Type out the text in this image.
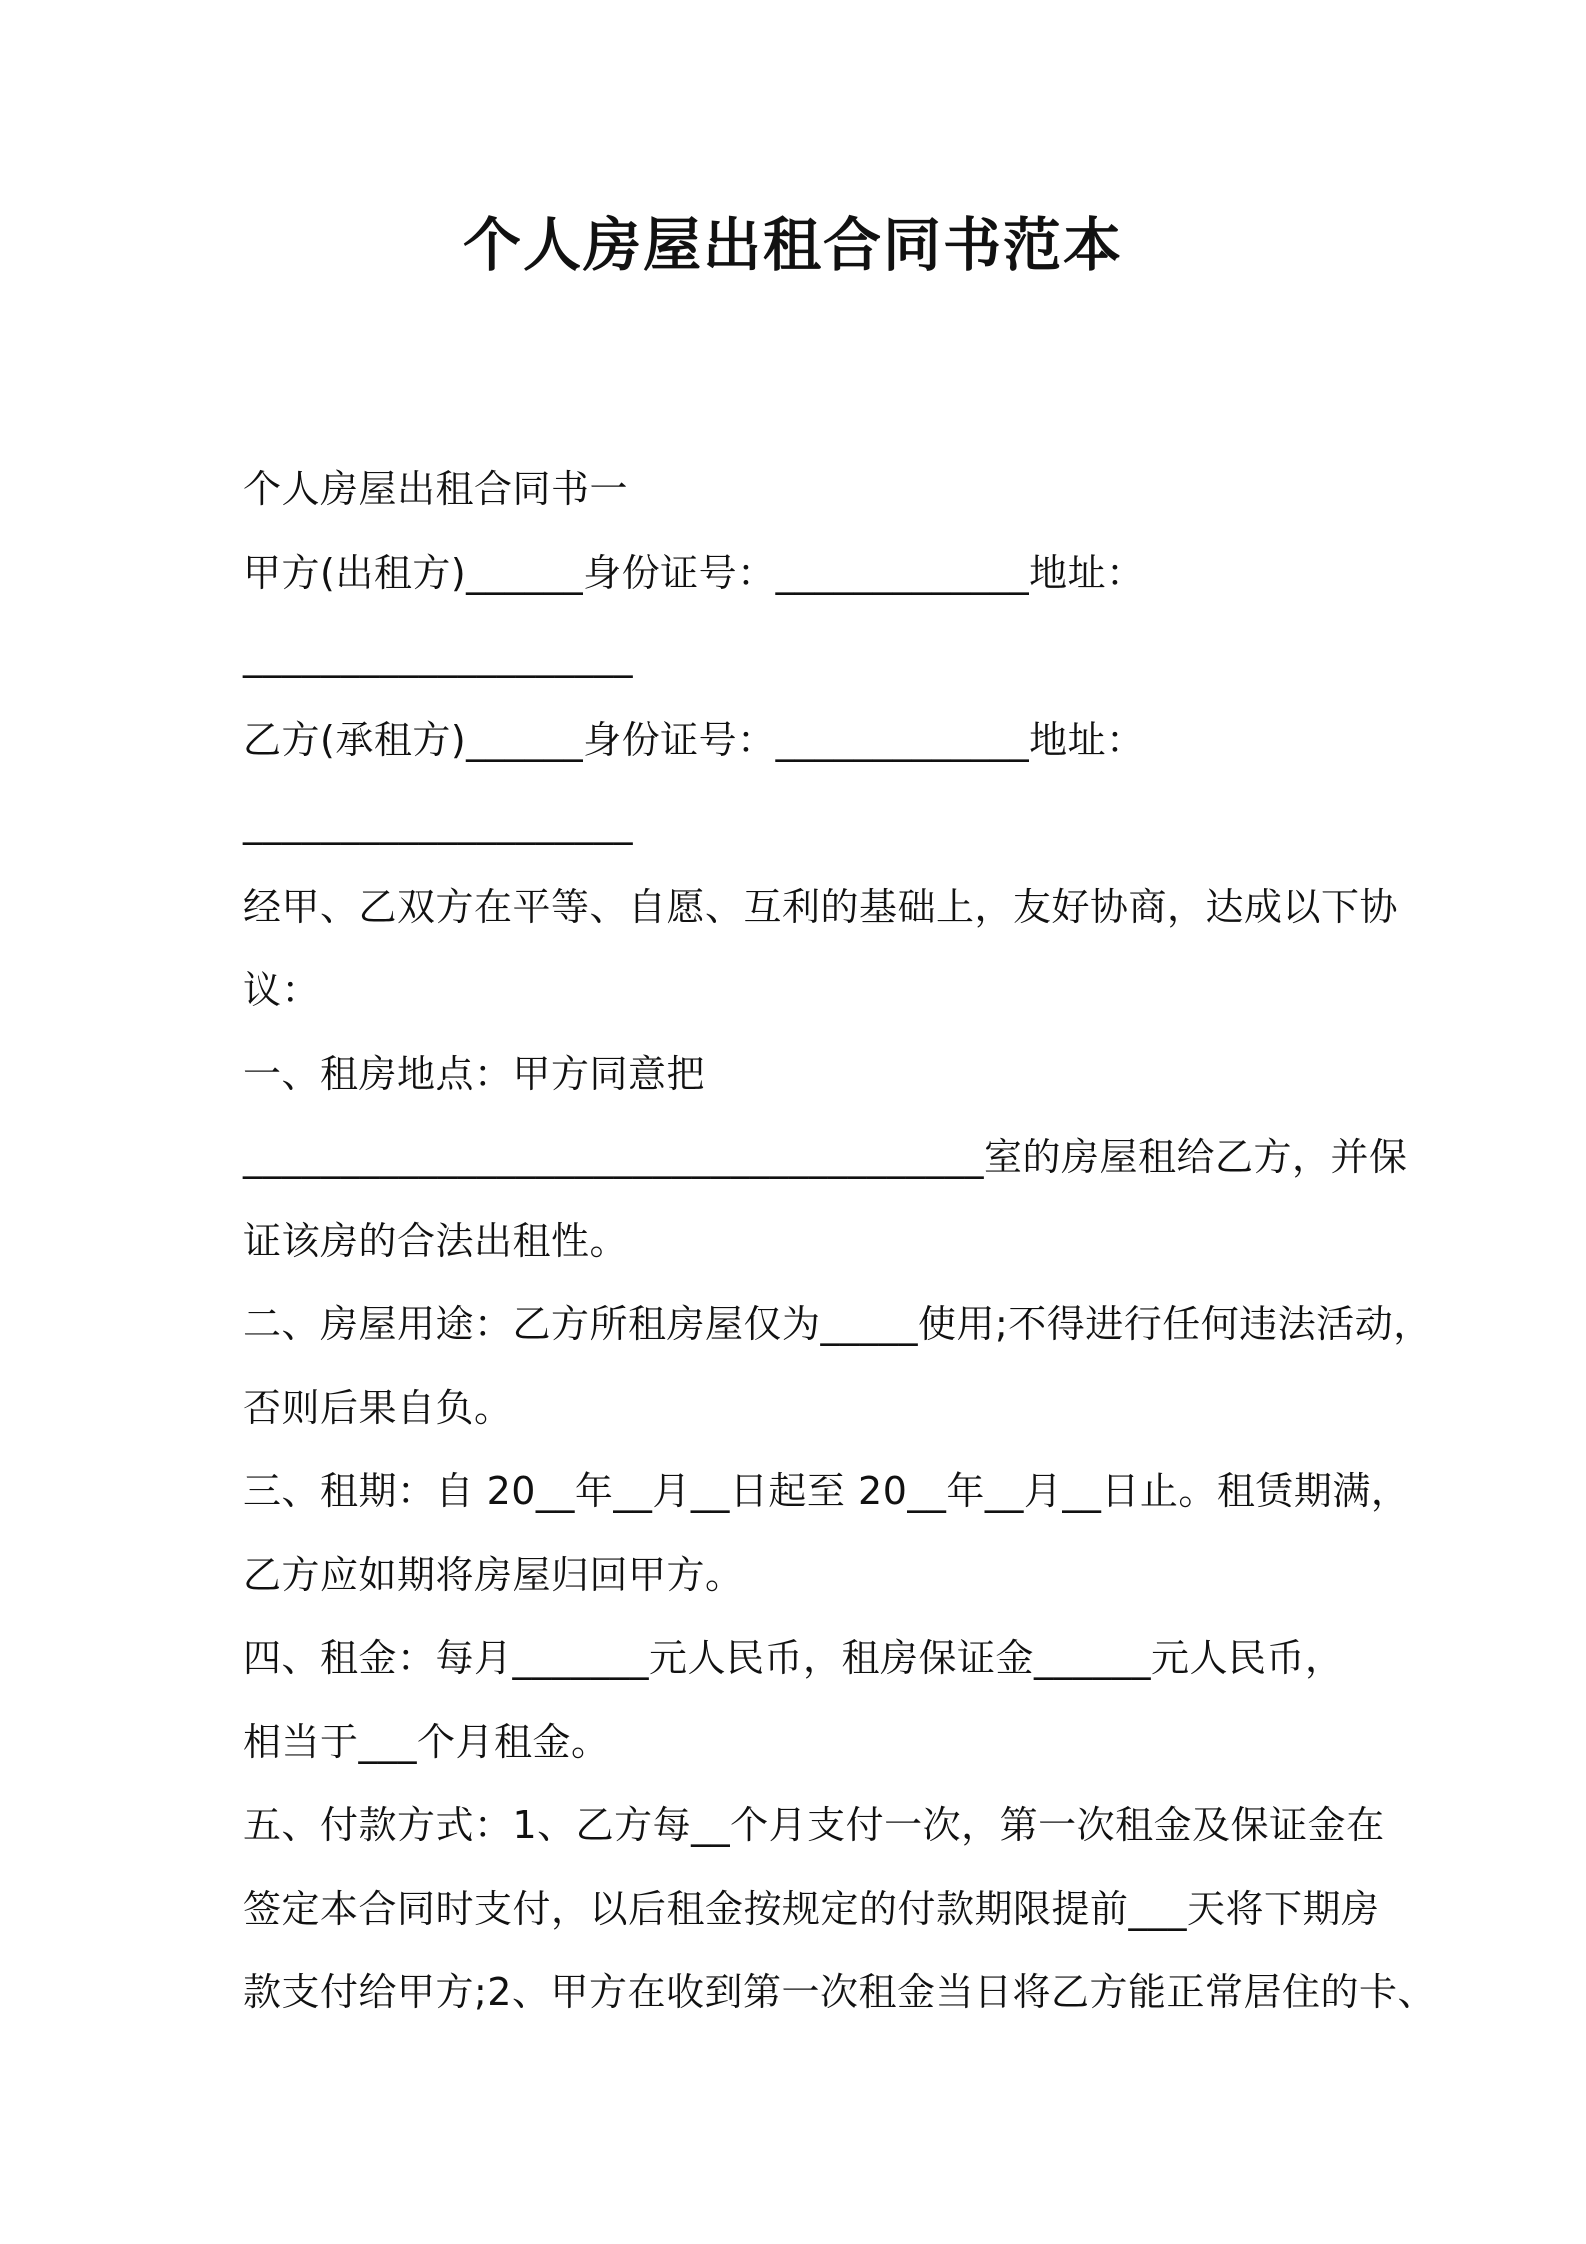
个人房屋出租合同书范本
个人房屋出租合同书一
甲方(出租方)______身份证号：_____________地址：
____________________
乙方(承租方)______身份证号：_____________地址：
____________________
经甲、乙双方在平等、自愿、互利的基础上，友好协商，达成以下协
议：
一、租房地点：甲方同意把
______________________________________室的房屋租给乙方，并保
证该房的合法出租性。
二、房屋用途：乙方所租房屋仅为_____使用;不得进行任何违法活动，
否则后果自负。
三、租期：自 20__年__月__日起至 20__年__月__日止。租赁期满，
乙方应如期将房屋归回甲方。
四、租金：每月_______元人民币，租房保证金______元人民币，
相当于___个月租金。
五、付款方式：1、乙方每__个月支付一次，第一次租金及保证金在
签定本合同时支付，以后租金按规定的付款期限提前___天将下期房
款支付给甲方;2、甲方在收到第一次租金当日将乙方能正常居住的卡、
